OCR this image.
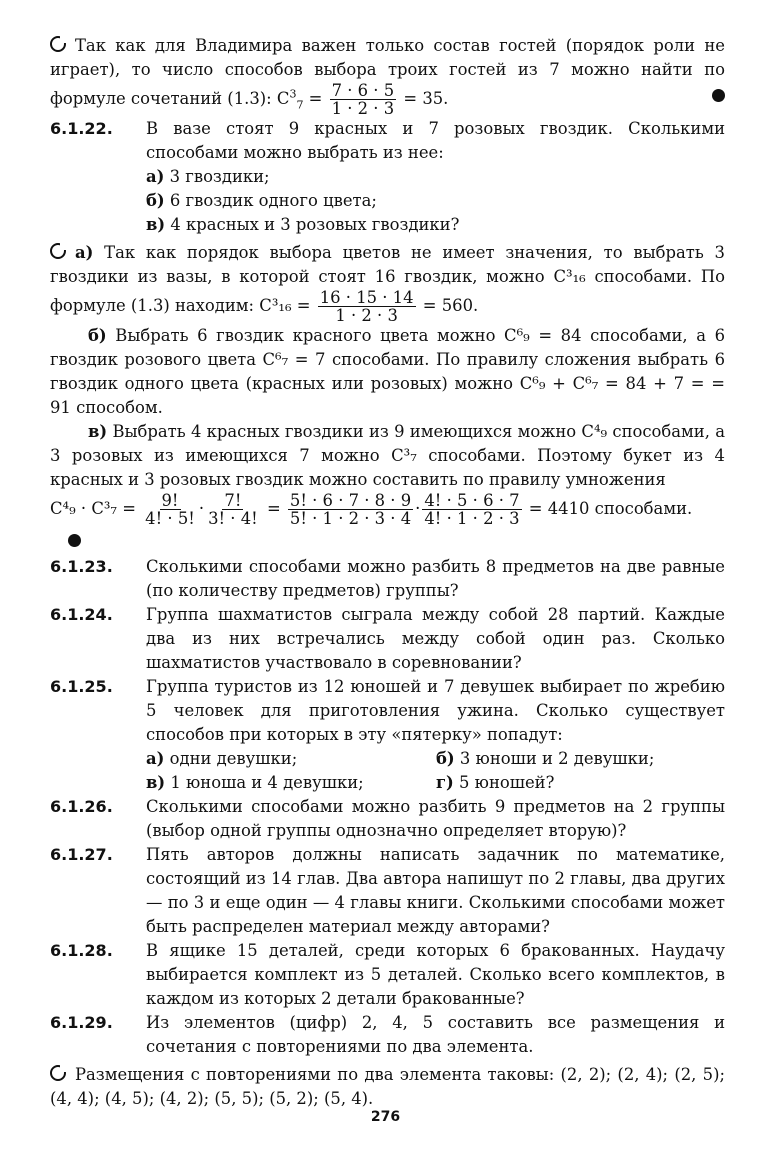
Так как для Владимира важен только состав гостей (порядок роли не играет), то число способов выбора троих гостей из 7 можно найти по формуле сочетаний (1.3): $C^3_7 = \frac{7 \cdot 6 \cdot 5}{1 \cdot 2 \cdot 3} = 35$.
6.1.22.	В вазе стоят 9 красных и 7 розовых гвоздик. Сколькими способами можно выбрать из нее:
а) 3 гвоздики;
б) 6 гвоздик одного цвета;
в) 4 красных и 3 розовых гвоздики?
а) Так как порядок выбора цветов не имеет значения, то выбрать 3 гвоздики из вазы, в которой стоят 16 гвоздик, можно C³₁₆ способами. По формуле (1.3) находим: $C^3_{16} = \frac{16 \cdot 15 \cdot 14}{1 \cdot 2 \cdot 3} = 560$.
б) Выбрать 6 гвоздик красного цвета можно C⁶₉ = 84 способами, а 6 гвоздик розового цвета C⁶₇ = 7 способами. По правилу сложения выбрать 6 гвоздик одного цвета (красных или розовых) можно C⁶₉ + C⁶₇ = 84 + 7 = = 91 способом.
в) Выбрать 4 красных гвоздики из 9 имеющихся можно C⁴₉ способами, а 3 розовых из имеющихся 7 можно C³₇ способами. Поэтому букет из 4 красных и 3 розовых гвоздик можно составить по правилу умножения
$C^4_9 \cdot C^3_7 = \frac{9!}{4! \cdot 5!} \cdot \frac{7!}{3! \cdot 4!} = \frac{5! \cdot 6 \cdot 7 \cdot 8 \cdot 9}{5! \cdot 1 \cdot 2 \cdot 3 \cdot 4} \cdot \frac{4! \cdot 5 \cdot 6 \cdot 7}{4! \cdot 1 \cdot 2 \cdot 3} = 4410$ способами.
6.1.23.	Сколькими способами можно разбить 8 предметов на две равные (по количеству предметов) группы?
6.1.24.	Группа шахматистов сыграла между собой 28 партий. Каждые два из них встречались между собой один раз. Сколько шахматистов участвовало в соревновании?
6.1.25.	Группа туристов из 12 юношей и 7 девушек выбирает по жребию 5 человек для приготовления ужина. Сколько существует способов при которых в эту «пятерку» попадут:
а) одни девушки;	б) 3 юноши и 2 девушки;
в) 1 юноша и 4 девушки;	г) 5 юношей?
6.1.26.	Сколькими способами можно разбить 9 предметов на 2 группы (выбор одной группы однозначно определяет вторую)?
6.1.27.	Пять авторов должны написать задачник по математике, состоящий из 14 глав. Два автора напишут по 2 главы, два других — по 3 и еще один — 4 главы книги. Сколькими способами может быть распределен материал между авторами?
6.1.28.	В ящике 15 деталей, среди которых 6 бракованных. Наудачу выбирается комплект из 5 деталей. Сколько всего комплектов, в каждом из которых 2 детали бракованные?
6.1.29.	Из элементов (цифр) 2, 4, 5 составить все размещения и сочетания с повторениями по два элемента.
Размещения с повторениями по два элемента таковы: (2, 2); (2, 4); (2, 5); (4, 4); (4, 5); (4, 2); (5, 5); (5, 2); (5, 4).
276
